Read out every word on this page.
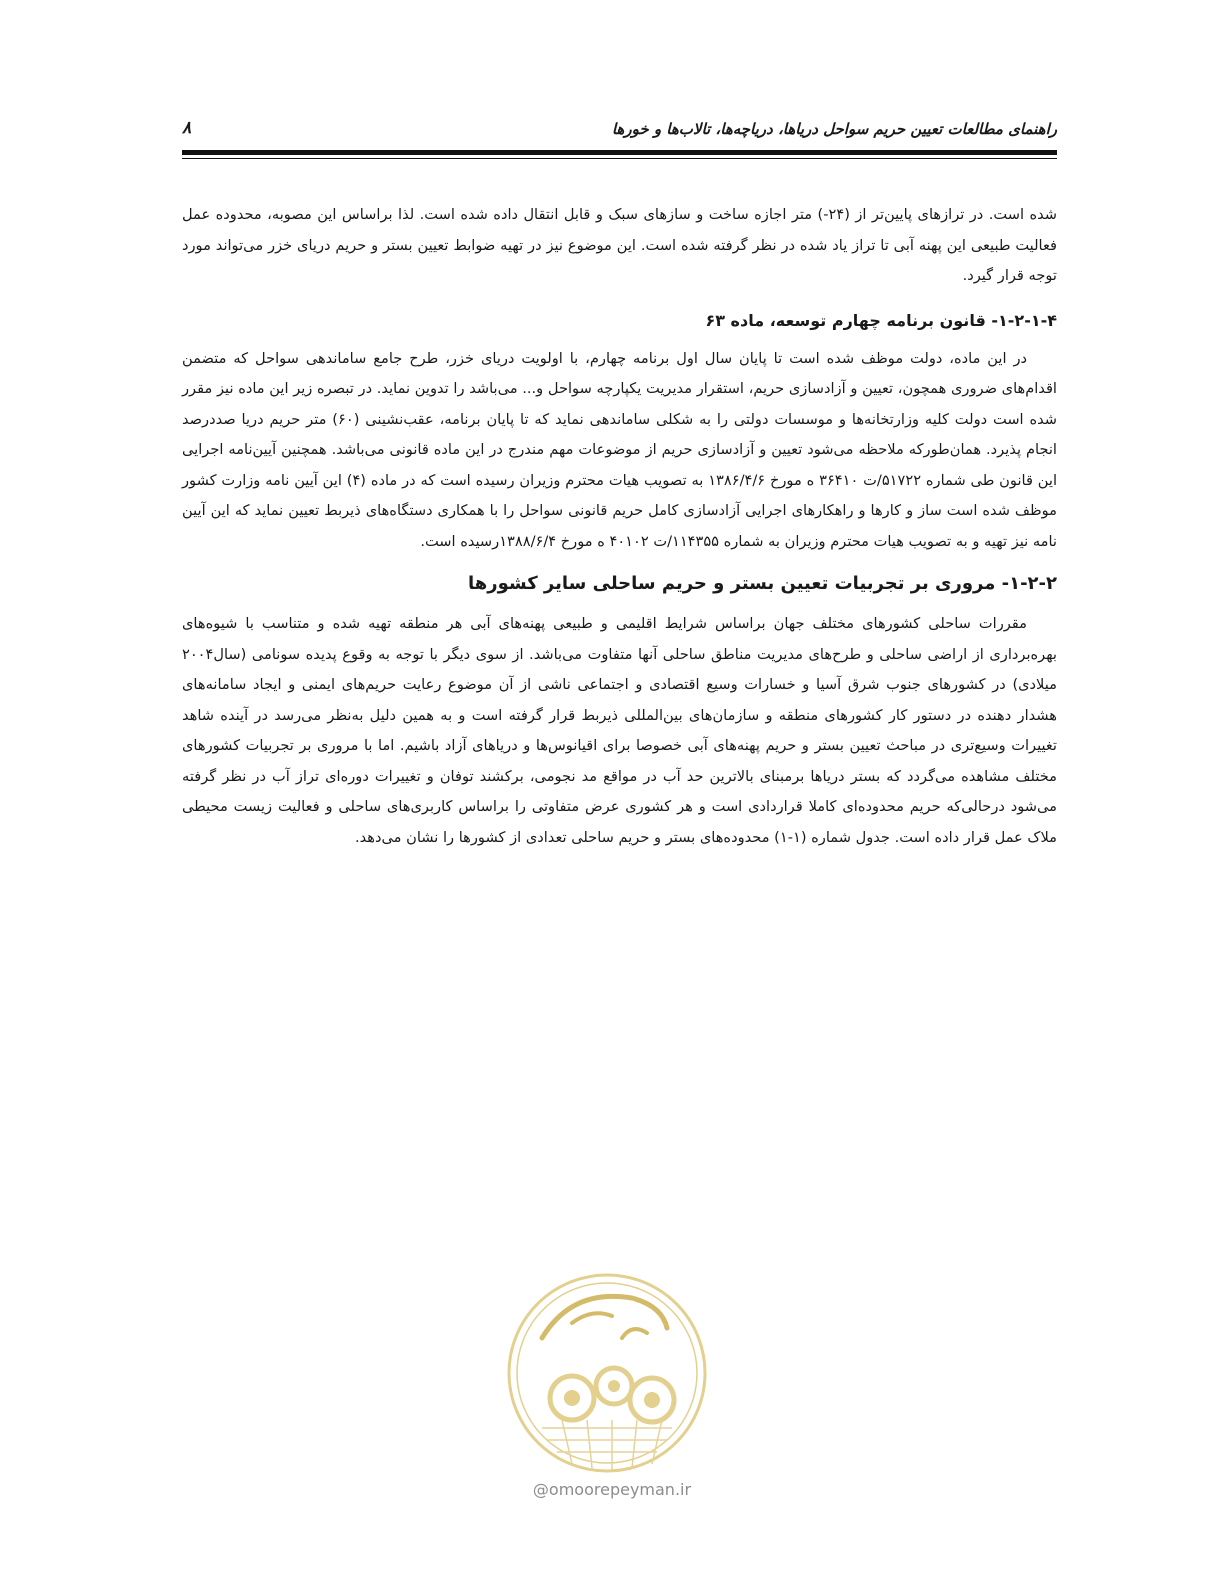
راهنمای مطالعات تعیین حریم سواحل دریاها، دریاچه‌ها، تالاب‌ها و خورها
۸

شده است. در ترازهای پایین‌تر از (۲۴-) متر اجازه ساخت و سازهای سبک و قابل انتقال داده شده است. لذا براساس این مصوبه، محدوده عمل فعالیت طبیعی این پهنه آبی تا تراز یاد شده در نظر گرفته شده است. این موضوع نیز در تهیه ضوابط تعیین بستر و حریم دریای خزر می‌تواند مورد توجه قرار گیرد.

۱-۲-۱-۴- قانون برنامه چهارم توسعه، ماده ۶۳

در این ماده، دولت موظف شده است تا پایان سال اول برنامه چهارم، با اولویت دریای خزر، طرح جامع ساماندهی سواحل که متضمن اقدام‌های ضروری همچون، تعیین و آزادسازی حریم، استقرار مدیریت یکپارچه سواحل و... می‌باشد را تدوین نماید. در تبصره زیر این ماده نیز مقرر شده است دولت کلیه وزارتخانه‌ها و موسسات دولتی را به شکلی ساماندهی نماید که تا پایان برنامه، عقب‌نشینی (۶۰) متر حریم دریا صددرصد انجام پذیرد. همان‌طورکه ملاحظه می‌شود تعیین و آزادسازی حریم از موضوعات مهم مندرج در این ماده قانونی می‌باشد. همچنین آیین‌نامه اجرایی این قانون طی شماره ۵۱۷۲۲/ت ۳۶۴۱۰ ه مورخ ۱۳۸۶/۴/۶ به تصویب هیات محترم وزیران رسیده است که در ماده (۴) این آیین نامه وزارت کشور موظف شده است ساز و کارها و راهکارهای اجرایی آزادسازی کامل حریم قانونی سواحل را با همکاری دستگاه‌های ذیربط تعیین نماید که این آیین نامه نیز تهیه و به تصویب هیات محترم وزیران به شماره ۱۱۴۳۵۵/ت ۴۰۱۰۲ ه مورخ ۱۳۸۸/۶/۴رسیده است.

۱-۲-۲- مروری بر تجربیات تعیین بستر و حریم ساحلی سایر کشورها

مقررات ساحلی کشورهای مختلف جهان براساس شرایط اقلیمی و طبیعی پهنه‌های آبی هر منطقه تهیه شده و متناسب با شیوه‌های بهره‌برداری از اراضی ساحلی و طرح‌های مدیریت مناطق ساحلی آنها متفاوت می‌باشد. از سوی دیگر با توجه به وقوع پدیده سونامی (سال۲۰۰۴ میلادی) در کشورهای جنوب شرق آسیا و خسارات وسیع اقتصادی و اجتماعی ناشی از آن موضوع رعایت حریم‌های ایمنی و ایجاد سامانه‌های هشدار دهنده در دستور کار کشورهای منطقه و سازمان‌های بین‌المللی ذیربط قرار گرفته است و به همین دلیل به‌نظر می‌رسد در آینده شاهد تغییرات وسیع‌تری در مباحث تعیین بستر و حریم پهنه‌های آبی خصوصا برای اقیانوس‌ها و دریاهای آزاد باشیم. اما با مروری بر تجربیات کشورهای مختلف مشاهده می‌گردد که بستر دریاها برمبنای بالاترین حد آب در مواقع مد نجومی، برکشند توفان و تغییرات دوره‌ای تراز آب در نظر گرفته می‌شود درحالی‌که حریم محدوده‌ای کاملا قراردادی است و هر کشوری عرض متفاوتی را براساس کاربری‌های ساحلی و فعالیت زیست محیطی ملاک عمل قرار داده است. جدول شماره (۱-۱) محدوده‌های بستر و حریم ساحلی تعدادی از کشورها را نشان می‌دهد.

@omoorepeyman.ir
